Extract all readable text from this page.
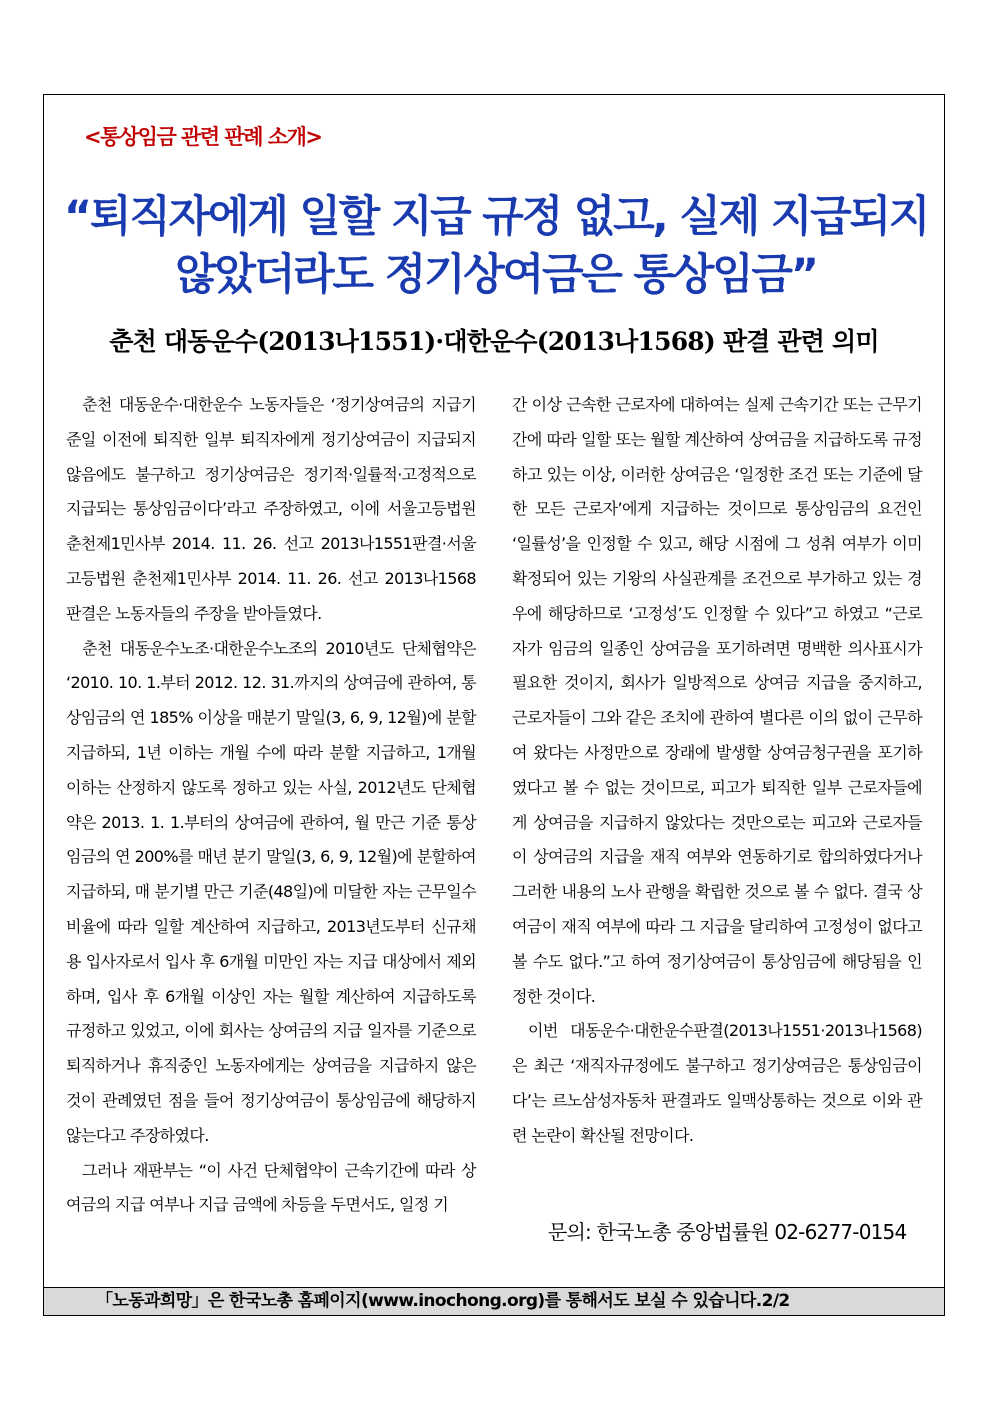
<통상임금 관련 판례 소개>
“퇴직자에게 일할 지급 규정 없고, 실제 지급되지
않았더라도 정기상여금은 통상임금”
춘천 대동운수(2013나1551)·대한운수(2013나1568) 판결 관련 의미

춘천 대동운수·대한운수 노동자들은 ‘정기상여금의 지급기준일 이전에 퇴직한 일부 퇴직자에게 정기상여금이 지급되지 않음에도 불구하고 정기상여금은 정기적·일률적·고정적으로 지급되는 통상임금이다’라고 주장하였고, 이에 서울고등법원 춘천제1민사부 2014. 11. 26. 선고 2013나1551판결·서울고등법원 춘천제1민사부 2014. 11. 26. 선고 2013나1568판결은 노동자들의 주장을 받아들였다.

춘천 대동운수노조·대한운수노조의 2010년도 단체협약은 ‘2010. 10. 1.부터 2012. 12. 31.까지의 상여금에 관하여, 통상임금의 연 185% 이상을 매분기 말일(3, 6, 9, 12월)에 분할지급하되, 1년 이하는 개월 수에 따라 분할 지급하고, 1개월 이하는 산정하지 않도록 정하고 있는 사실, 2012년도 단체협약은 2013. 1. 1.부터의 상여금에 관하여, 월 만근 기준 통상임금의 연 200%를 매년 분기 말일(3, 6, 9, 12월)에 분할하여 지급하되, 매 분기별 만근 기준(48일)에 미달한 자는 근무일수비율에 따라 일할 계산하여 지급하고, 2013년도부터 신규채용 입사자로서 입사 후 6개월 미만인 자는 지급 대상에서 제외하며, 입사 후 6개월 이상인 자는 월할 계산하여 지급하도록 규정하고 있었고, 이에 회사는 상여금의 지급 일자를 기준으로 퇴직하거나 휴직중인 노동자에게는 상여금을 지급하지 않은 것이 관례였던 점을 들어 정기상여금이 통상임금에 해당하지 않는다고 주장하였다.

그러나 재판부는 “이 사건 단체협약이 근속기간에 따라 상여금의 지급 여부나 지급 금액에 차등을 두면서도, 일정 기

간 이상 근속한 근로자에 대하여는 실제 근속기간 또는 근무기간에 따라 일할 또는 월할 계산하여 상여금을 지급하도록 규정하고 있는 이상, 이러한 상여금은 ‘일정한 조건 또는 기준에 달한 모든 근로자’에게 지급하는 것이므로 통상임금의 요건인 ‘일률성’을 인정할 수 있고, 해당 시점에 그 성취 여부가 이미 확정되어 있는 기왕의 사실관계를 조건으로 부가하고 있는 경우에 해당하므로 ‘고정성’도 인정할 수 있다”고 하였고 “근로자가 임금의 일종인 상여금을 포기하려면 명백한 의사표시가 필요한 것이지, 회사가 일방적으로 상여금 지급을 중지하고, 근로자들이 그와 같은 조치에 관하여 별다른 이의 없이 근무하여 왔다는 사정만으로 장래에 발생할 상여금청구권을 포기하였다고 볼 수 없는 것이므로, 피고가 퇴직한 일부 근로자들에게 상여금을 지급하지 않았다는 것만으로는 피고와 근로자들이 상여금의 지급을 재직 여부와 연동하기로 합의하였다거나 그러한 내용의 노사 관행을 확립한 것으로 볼 수 없다. 결국 상여금이 재직 여부에 따라 그 지급을 달리하여 고정성이 없다고 볼 수도 없다.”고 하여 정기상여금이 통상임금에 해당됨을 인정한 것이다.

이번 대동운수·대한운수판결(2013나1551·2013나1568)은 최근 ‘재직자규정에도 불구하고 정기상여금은 통상임금이다’는 르노삼성자동차 판결과도 일맥상통하는 것으로 이와 관련 논란이 확산될 전망이다.

문의: 한국노총 중앙법률원 02-6277-0154
「노동과희망」은 한국노총 홈페이지(www.inochong.org)를 통해서도 보실 수 있습니다.2/2
